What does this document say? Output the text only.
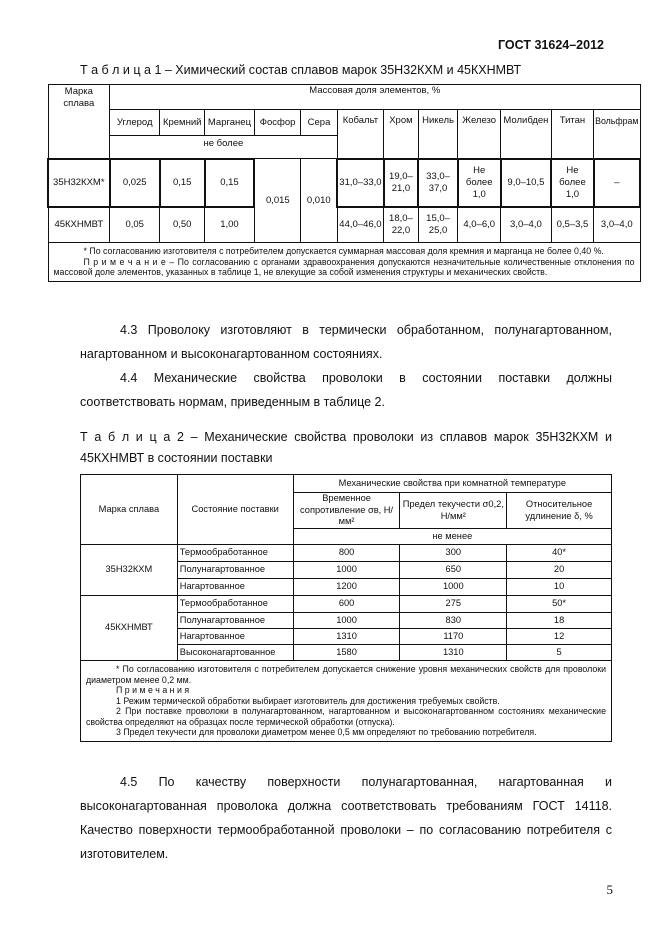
ГОСТ 31624–2012
Т а б л и ц а 1 – Химический состав сплавов марок 35Н32КХМ и 45КХНМВТ
Марка сплава	Массовая доля элементов, %											
	Углерод	Кремний	Марганец	Фосфор	Сера	Кобальт	Хром	Никель	Железо	Молибден	Титан	Вольфрам
	не более											
35Н32КХМ*	0,025	0,15	0,15	0,015	0,010	31,0–33,0	19,0–21,0	33,0–37,0	Не более 1,0	9,0–10,5	Не более 1,0	–
45КХНМВТ	0,05	0,50	1,00			44,0–46,0	18,0–22,0	15,0–25,0	4,0–6,0	3,0–4,0	0,5–3,5	3,0–4,0

* По согласованию изготовителя с потребителем допускается суммарная массовая доля кремния и марганца не более 0,40 %.

П р и м е ч а н и е – По согласованию с органами здравоохранения допускаются незначительные количественные отклонения по массовой доле элементов, указанных в таблице 1, не влекущие за собой изменения структуры и механических свойств.												

4.3 Проволоку изготовляют в термически обработанном, полунагартованном, нагартованном и высоконагартованном состояниях.
4.4 Механические свойства проволоки в состоянии поставки должны соответствовать нормам, приведенным в таблице 2.
Т а б л и ц а 2 – Механические свойства проволоки из сплавов марок 35Н32КХМ и 45КХНМВТ в состоянии поставки
Марка сплава	Состояние поставки	Механические свойства при комнатной температуре		
		Временное сопротивление σв, Н/мм²	Предел текучести σ0,2, Н/мм²	Относительное удлинение δ, %
		не менее		
35Н32КХМ	Термообработанное	800	300	40*
	Полунагартованное	1000	650	20
	Нагартованное	1200	1000	10
45КХНМВТ	Термообработанное	600	275	50*
	Полунагартованное	1000	830	18
	Нагартованное	1310	1170	12
	Высоконагартованное	1580	1310	5

* По согласованию изготовителя с потребителем допускается снижение уровня механических свойств для проволоки диаметром менее 0,2 мм.

П р и м е ч а н и я

1 Режим термической обработки выбирает изготовитель для достижения требуемых свойств.

2 При поставке проволоки в полунагартованном, нагартованном и высоконагартованном состояниях механические свойства определяют на образцах после термической обработки (отпуска).

3 Предел текучести для проволоки диаметром менее 0,5 мм определяют по требованию потребителя.				

4.5 По качеству поверхности полунагартованная, нагартованная и высоконагартованная проволока должна соответствовать требованиям ГОСТ 14118. Качество поверхности термообработанной проволоки – по согласованию потребителя с изготовителем.
5
